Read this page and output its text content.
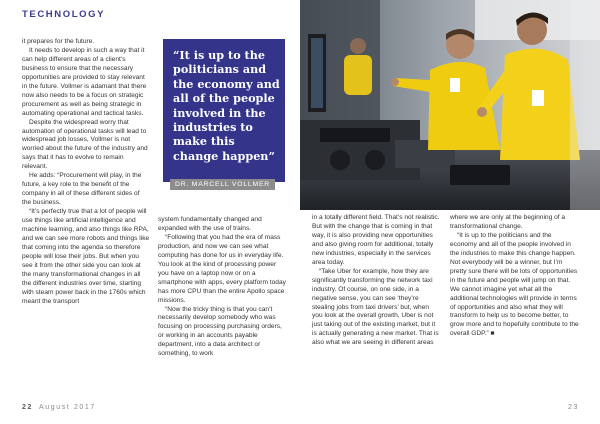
TECHNOLOGY

it prepares for the future.

It needs to develop in such a way that it can help different areas of a client’s business to ensure that the necessary opportunities are provided to stay relevant in the future. Vollmer is adamant that there now also needs to be a focus on strategic procurement as well as being strategic in automating operational and tactical tasks.

Despite the widespread worry that automation of operational tasks will lead to widespread job losses, Vollmer is not worried about the future of the industry and says that it has to evolve to remain relevant.

He adds: “Procurement will play, in the future, a key role to the benefit of the company in all of these different sides of the business.

“It’s perfectly true that a lot of people will use things like artificial intelligence and machine learning, and also things like RPA, and we can see more robots and things like that coming into the agenda so therefore people will lose their jobs. But when you see it from the other side you can look at the many transformational changes in all the different industries over time, starting with steam power back in the 1760s which meant the transport

“It is up to the politicians and the economy and all of the people involved in the industries to make this change happen”
DR. MARCELL VOLLMER

system fundamentally changed and expanded with the use of trains.

“Following that you had the era of mass production, and now we can see what computing has done for us in everyday life. You look at the kind of processing power you have on a laptop now or on a smartphone with apps, every platform today has more CPU than the entire Apollo space missions.

“Now the tricky thing is that you can’t necessarily develop somebody who was focusing on processing purchasing orders, or working in an accounts payable department, into a data architect or something, to work

22 August 2017

in a totally different field. That’s not realistic. But with the change that is coming in that way, it is also providing new opportunities and also giving room for additional, totally new industries, especially in the services area today.

“Take Uber for example, how they are significantly transforming the network taxi industry. Of course, on one side, in a negative sense, you can see ‘they’re stealing jobs from taxi drivers’ but, when you look at the overall growth, Uber is not just taking out of the existing market, but it is actually generating a new market. That is also what we are seeing in different areas

where we are only at the beginning of a transformational change.

“It is up to the politicians and the economy and all of the people involved in the industries to make this change happen. Not everybody will be a winner, but I’m pretty sure there will be lots of opportunities in the future and people will jump on that. We cannot imagine yet what all the additional technologies will provide in terms of opportunities and also what they will transform to help us to become better, to grow more and to hopefully contribute to the overall GDP.” ■

23
